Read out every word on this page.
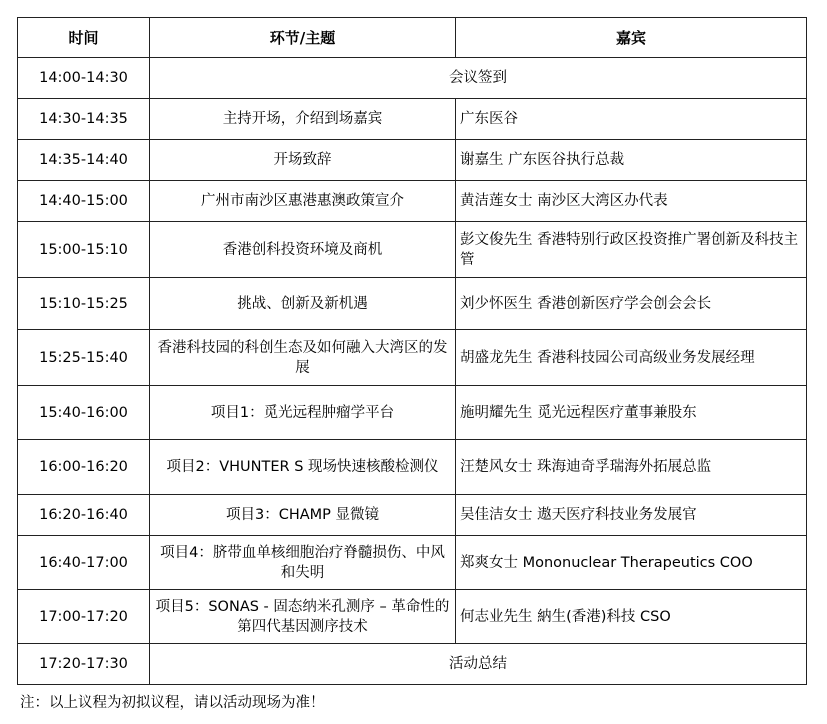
时间	环节/主题	嘉宾
14:00-14:30	会议签到	
14:30-14:35	主持开场，介绍到场嘉宾	广东医谷
14:35-14:40	开场致辞	谢嘉生 广东医谷执行总裁
14:40-15:00	广州市南沙区惠港惠澳政策宣介	黄洁莲女士 南沙区大湾区办代表
15:00-15:10	香港创科投资环境及商机	彭文俊先生 香港特别行政区投资推广署创新及科技主管
15:10-15:25	挑战、创新及新机遇	刘少怀医生 香港创新医疗学会创会会长
15:25-15:40	香港科技园的科创生态及如何融入大湾区的发展	胡盛龙先生 香港科技园公司高级业务发展经理
15:40-16:00	项目1：觅光远程肿瘤学平台	施明耀先生 觅光远程医疗董事兼股东
16:00-16:20	项目2：VHUNTER S 现场快速核酸检测仪	汪楚风女士 珠海迪奇孚瑞海外拓展总监
16:20-16:40	项目3：CHAMP 显微镜	吴佳洁女士 遨天医疗科技业务发展官
16:40-17:00	项目4：脐带血单核细胞治疗脊髓损伤、中风和失明	郑爽女士 Mononuclear Therapeutics COO
17:00-17:20	项目5：SONAS - 固态纳米孔测序 – 革命性的第四代基因测序技术	何志业先生 納生(香港)科技 CSO
17:20-17:30	活动总结	
注：以上议程为初拟议程，请以活动现场为准！
